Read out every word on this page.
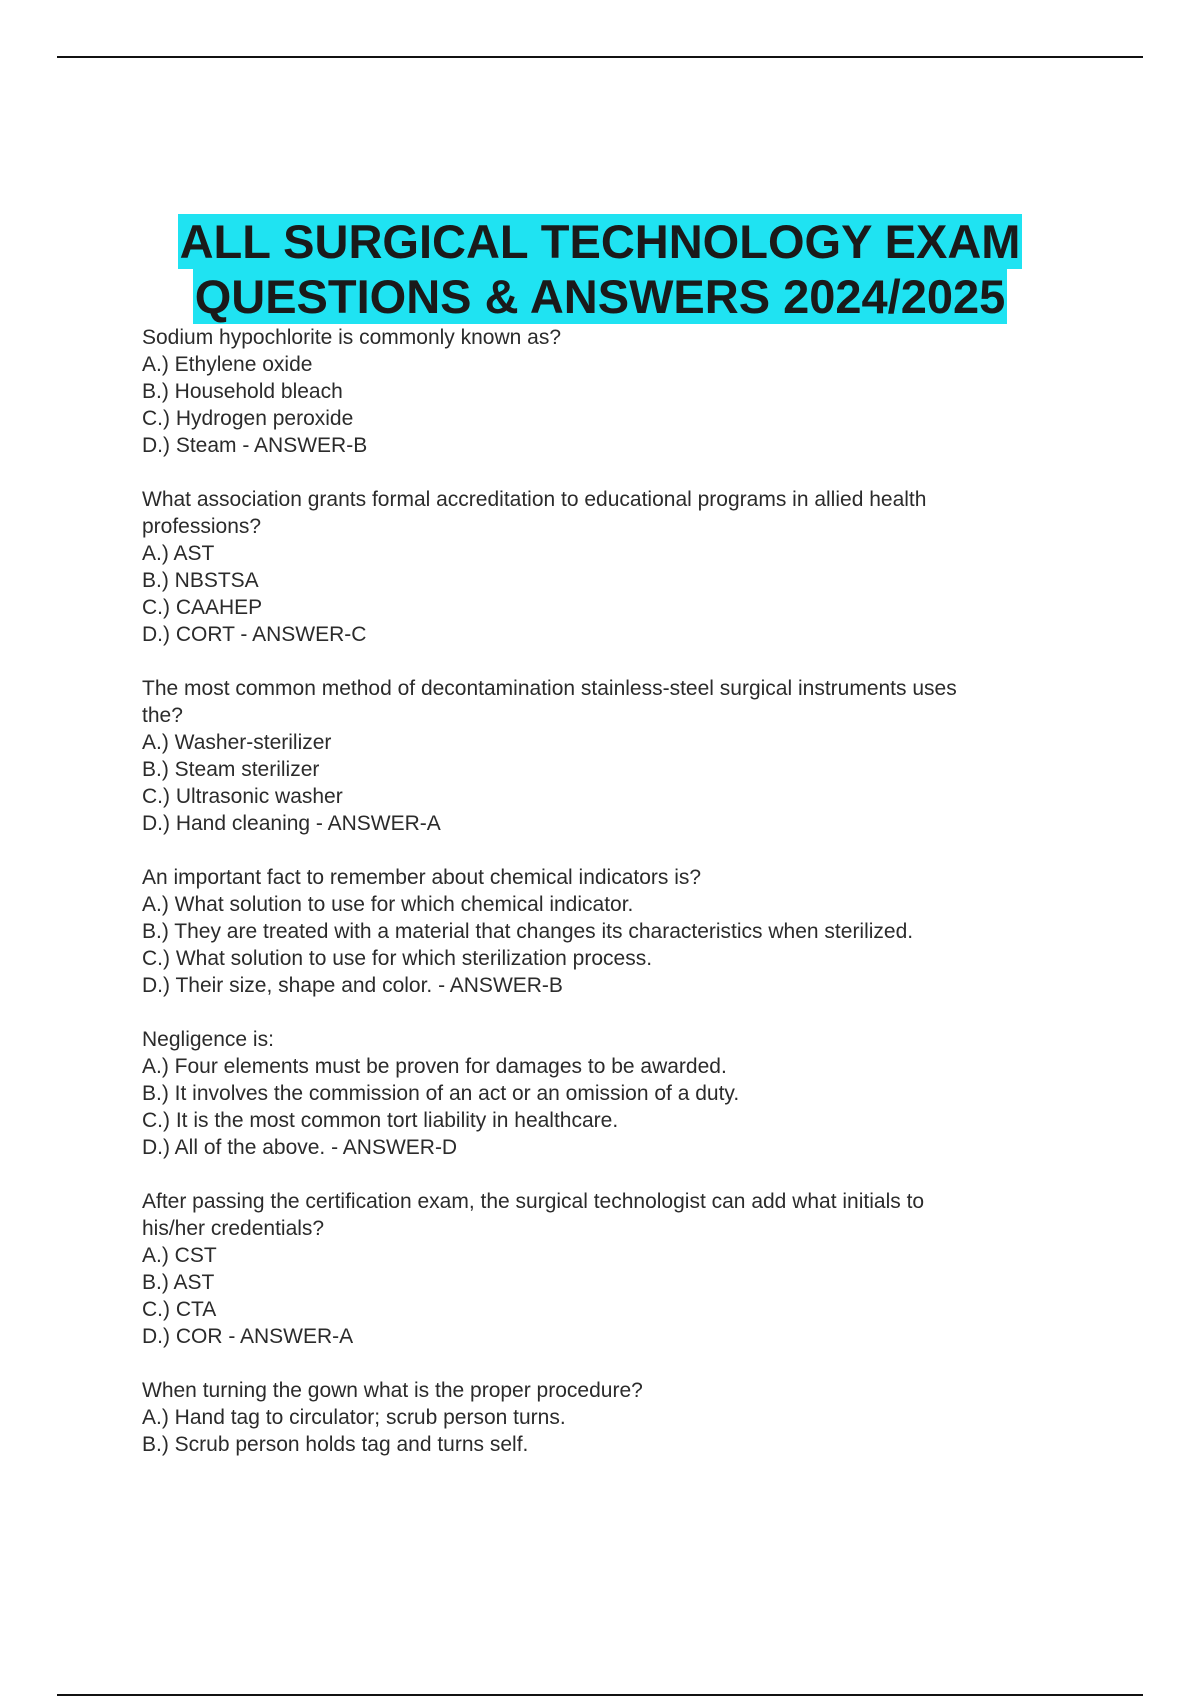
ALL SURGICAL TECHNOLOGY EXAM
QUESTIONS & ANSWERS 2024/2025
Sodium hypochlorite is commonly known as?
A.) Ethylene oxide
B.) Household bleach
C.) Hydrogen peroxide
D.) Steam - ANSWER-B
What association grants formal accreditation to educational programs in allied health
professions?
A.) AST
B.) NBSTSA
C.) CAAHEP
D.) CORT - ANSWER-C
The most common method of decontamination stainless-steel surgical instruments uses
the?
A.) Washer-sterilizer
B.) Steam sterilizer
C.) Ultrasonic washer
D.) Hand cleaning - ANSWER-A
An important fact to remember about chemical indicators is?
A.) What solution to use for which chemical indicator.
B.) They are treated with a material that changes its characteristics when sterilized.
C.) What solution to use for which sterilization process.
D.) Their size, shape and color. - ANSWER-B
Negligence is:
A.) Four elements must be proven for damages to be awarded.
B.) It involves the commission of an act or an omission of a duty.
C.) It is the most common tort liability in healthcare.
D.) All of the above. - ANSWER-D
After passing the certification exam, the surgical technologist can add what initials to
his/her credentials?
A.) CST
B.) AST
C.) CTA
D.) COR - ANSWER-A
When turning the gown what is the proper procedure?
A.) Hand tag to circulator; scrub person turns.
B.) Scrub person holds tag and turns self.
